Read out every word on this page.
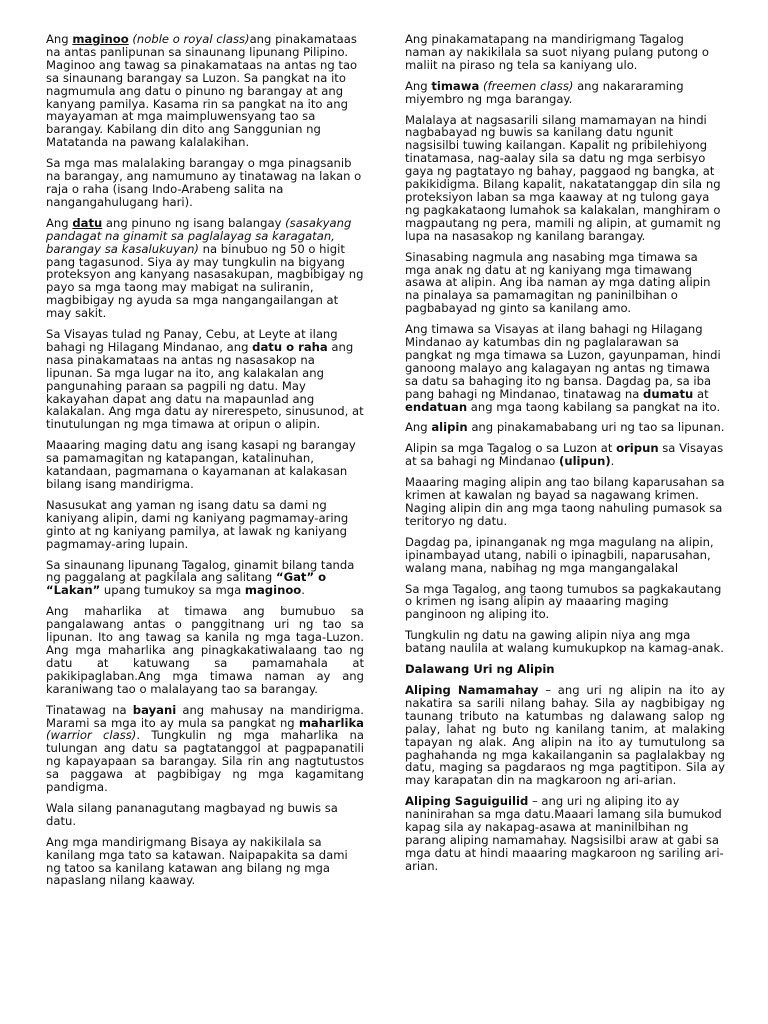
Ang maginoo (noble o royal class)ang pinakamataas na antas panlipunan sa sinaunang lipunang Pilipino. Maginoo ang tawag sa pinakamataas na antas ng tao sa sinaunang barangay sa Luzon. Sa pangkat na ito nagmumula ang datu o pinuno ng barangay at ang kanyang pamilya. Kasama rin sa pangkat na ito ang mayayaman at mga maimpluwensyang tao sa barangay. Kabilang din dito ang Sanggunian ng Matatanda na pawang kalalakihan.

Sa mga mas malalaking barangay o mga pinagsanib na barangay, ang namumuno ay tinatawag na lakan o raja o raha (isang Indo-Arabeng salita na nangangahulugang hari).

Ang datu ang pinuno ng isang balangay (sasakyang pandagat na ginamit sa paglalayag sa karagatan, barangay sa kasalukuyan) na binubuo ng 50 o higit pang tagasunod. Siya ay may tungkulin na bigyang proteksyon ang kanyang nasasakupan, magbibigay ng payo sa mga taong may mabigat na suliranin, magbibigay ng ayuda sa mga nangangailangan at may sakit.

Sa Visayas tulad ng Panay, Cebu, at Leyte at ilang bahagi ng Hilagang Mindanao, ang datu o raha ang nasa pinakamataas na antas ng nasasakop na lipunan. Sa mga lugar na ito, ang kalakalan ang pangunahing paraan sa pagpili ng datu. May kakayahan dapat ang datu na mapaunlad ang kalakalan. Ang mga datu ay nirerespeto, sinusunod, at tinutulungan ng mga timawa at oripun o alipin.

Maaaring maging datu ang isang kasapi ng barangay sa pamamagitan ng katapangan, katalinuhan, katandaan, pagmamana o kayamanan at kalakasan bilang isang mandirigma.

Nasusukat ang yaman ng isang datu sa dami ng kaniyang alipin, dami ng kaniyang pagmamay-aring ginto at ng kaniyang pamilya, at lawak ng kaniyang pagmamay-aring lupain.

Sa sinaunang lipunang Tagalog, ginamit bilang tanda ng paggalang at pagkilala ang salitang “Gat” o “Lakan” upang tumukoy sa mga maginoo.

Ang maharlika at timawa ang bumubuo sa pangalawang antas o panggitnang uri ng tao sa lipunan. Ito ang tawag sa kanila ng mga taga-Luzon. Ang mga maharlika ang pinagkakatiwalaang tao ng datu at katuwang sa pamamahala at pakikipaglaban.Ang mga timawa naman ay ang karaniwang tao o malalayang tao sa barangay.

Tinatawag na bayani ang mahusay na mandirigma. Marami sa mga ito ay mula sa pangkat ng maharlika (warrior class). Tungkulin ng mga maharlika na tulungan ang datu sa pagtatanggol at pagpapanatili ng kapayapaan sa barangay. Sila rin ang nagtutustos sa paggawa at pagbibigay ng mga kagamitang pandigma.

Wala silang pananagutang magbayad ng buwis sa datu.

Ang mga mandirigmang Bisaya ay nakikilala sa kanilang mga tato sa katawan. Naipapakita sa dami ng tatoo sa kanilang katawan ang bilang ng mga napaslang nilang kaaway.

Ang pinakamatapang na mandirigmang Tagalog naman ay nakikilala sa suot niyang pulang putong o maliit na piraso ng tela sa kaniyang ulo.

Ang timawa (freemen class) ang nakararaming miyembro ng mga barangay.

Malalaya at nagsasarili silang mamamayan na hindi nagbabayad ng buwis sa kanilang datu ngunit nagsisilbi tuwing kailangan. Kapalit ng pribilehiyong tinatamasa, nag-aalay sila sa datu ng mga serbisyo gaya ng pagtatayo ng bahay, paggaod ng bangka, at pakikidigma. Bilang kapalit, nakatatanggap din sila ng proteksiyon laban sa mga kaaway at ng tulong gaya ng pagkakataong lumahok sa kalakalan, manghiram o magpautang ng pera, mamili ng alipin, at gumamit ng lupa na nasasakop ng kanilang barangay.

Sinasabing nagmula ang nasabing mga timawa sa mga anak ng datu at ng kaniyang mga timawang asawa at alipin. Ang iba naman ay mga dating alipin na pinalaya sa pamamagitan ng paninilbihan o pagbabayad ng ginto sa kanilang amo.

Ang timawa sa Visayas at ilang bahagi ng Hilagang Mindanao ay katumbas din ng paglalarawan sa pangkat ng mga timawa sa Luzon, gayunpaman, hindi ganoong malayo ang kalagayan ng antas ng timawa sa datu sa bahaging ito ng bansa. Dagdag pa, sa iba pang bahagi ng Mindanao, tinatawag na dumatu at endatuan ang mga taong kabilang sa pangkat na ito.

Ang alipin ang pinakamababang uri ng tao sa lipunan.

Alipin sa mga Tagalog o sa Luzon at oripun sa Visayas at sa bahagi ng Mindanao (ulipun).

Maaaring maging alipin ang tao bilang kaparusahan sa krimen at kawalan ng bayad sa nagawang krimen. Naging alipin din ang mga taong nahuling pumasok sa teritoryo ng datu.

Dagdag pa, ipinanganak ng mga magulang na alipin, ipinambayad utang, nabili o ipinagbili, naparusahan, walang mana, nabihag ng mga mangangalakal

Sa mga Tagalog, ang taong tumubos sa pagkakautang o krimen ng isang alipin ay maaaring maging panginoon ng aliping ito.

Tungkulin ng datu na gawing alipin niya ang mga batang naulila at walang kumukupkop na kamag-anak.

Dalawang Uri ng Alipin

Aliping Namamahay – ang uri ng alipin na ito ay nakatira sa sarili nilang bahay. Sila ay nagbibigay ng taunang tributo na katumbas ng dalawang salop ng palay, lahat ng buto ng kanilang tanim, at malaking tapayan ng alak. Ang alipin na ito ay tumutulong sa paghahanda ng mga kakailanganin sa paglalakbay ng datu, maging sa pagdaraos ng mga pagtitipon. Sila ay may karapatan din na magkaroon ng ari-arian.

Aliping Saguiguilid – ang uri ng aliping ito ay naninirahan sa mga datu.Maaari lamang sila bumukod kapag sila ay nakapag-asawa at maninilbihan ng parang aliping namamahay. Nagsisilbi araw at gabi sa mga datu at hindi maaaring magkaroon ng sariling ari-arian.
